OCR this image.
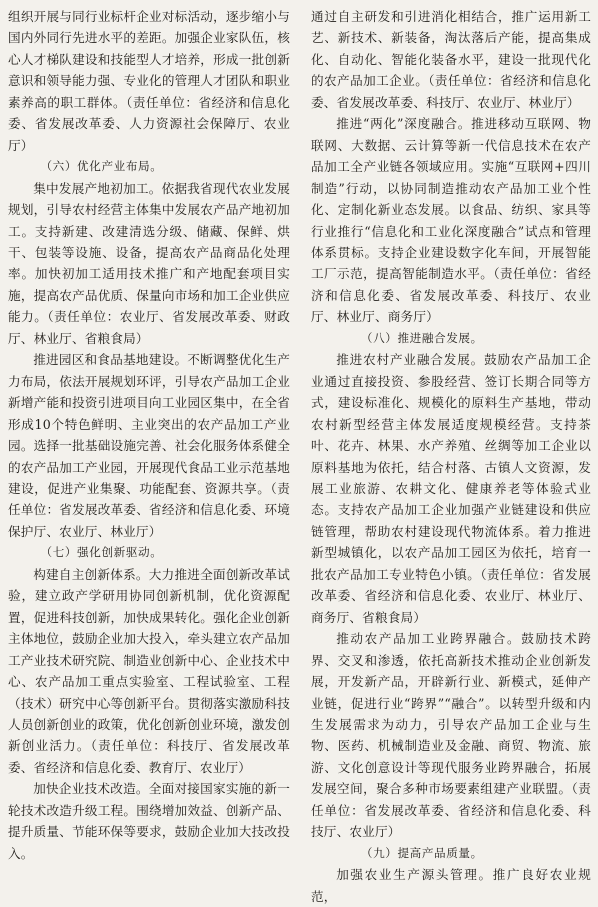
组织开展与同行业标杆企业对标活动，逐步缩小与国内外同行先进水平的差距。加强企业家队伍，核心人才梯队建设和技能型人才培养，形成一批创新意识和领导能力强、专业化的管理人才团队和职业素养高的职工群体。（责任单位：省经济和信息化委、省发展改革委、人力资源社会保障厅、农业厅）

（六）优化产业布局。

集中发展产地初加工。依据我省现代农业发展规划，引导农村经营主体集中发展农产品产地初加工。支持新建、改建清选分级、储藏、保鲜、烘干、包装等设施、设备，提高农产品商品化处理率。加快初加工适用技术推广和产地配套项目实施，提高农产品优质、保量向市场和加工企业供应能力。（责任单位：农业厅、省发展改革委、财政厅、林业厅、省粮食局）

推进园区和食品基地建设。不断调整优化生产力布局，依法开展规划环评，引导农产品加工企业新增产能和投资引进项目向工业园区集中，在全省形成10个特色鲜明、主业突出的农产品加工产业园。选择一批基础设施完善、社会化服务体系健全的农产品加工产业园，开展现代食品工业示范基地建设，促进产业集聚、功能配套、资源共享。（责任单位：省发展改革委、省经济和信息化委、环境保护厅、农业厅、林业厅）

（七）强化创新驱动。

构建自主创新体系。大力推进全面创新改革试验，建立政产学研用协同创新机制，优化资源配置，促进科技创新，加快成果转化。强化企业创新主体地位，鼓励企业加大投入，牵头建立农产品加工产业技术研究院、制造业创新中心、企业技术中心、农产品加工重点实验室、工程试验室、工程（技术）研究中心等创新平台。贯彻落实激励科技人员创新创业的政策，优化创新创业环境，激发创新创业活力。（责任单位：科技厅、省发展改革委、省经济和信息化委、教育厅、农业厅）

加快企业技术改造。全面对接国家实施的新一轮技术改造升级工程。围绕增加效益、创新产品、提升质量、节能环保等要求，鼓励企业加大技改投入。

通过自主研发和引进消化相结合，推广运用新工艺、新技术、新装备，淘汰落后产能，提高集成化、自动化、智能化装备水平，建设一批现代化的农产品加工企业。（责任单位：省经济和信息化委、省发展改革委、科技厅、农业厅、林业厅）

推进“两化”深度融合。推进移动互联网、物联网、大数据、云计算等新一代信息技术在农产品加工全产业链各领域应用。实施“互联网+四川制造”行动，以协同制造推动农产品加工业个性化、定制化新业态发展。以食品、纺织、家具等行业推行“信息化和工业化深度融合”试点和管理体系贯标。支持企业建设数字化车间，开展智能工厂示范，提高智能制造水平。（责任单位：省经济和信息化委、省发展改革委、科技厅、农业厅、林业厅、商务厅）

（八）推进融合发展。

推进农村产业融合发展。鼓励农产品加工企业通过直接投资、参股经营、签订长期合同等方式，建设标准化、规模化的原料生产基地，带动农村新型经营主体发展适度规模经营。支持茶叶、花卉、林果、水产养殖、丝绸等加工企业以原料基地为依托，结合村落、古镇人文资源，发展工业旅游、农耕文化、健康养老等体验式业态。支持农产品加工企业加强产业链建设和供应链管理，帮助农村建设现代物流体系。着力推进新型城镇化，以农产品加工园区为依托，培育一批农产品加工专业特色小镇。（责任单位：省发展改革委、省经济和信息化委、农业厅、林业厅、商务厅、省粮食局）

推动农产品加工业跨界融合。鼓励技术跨界、交叉和渗透，依托高新技术推动企业创新发展，开发新产品，开辟新行业、新模式，延伸产业链，促进行业“跨界”“融合”。以转型升级和内生发展需求为动力，引导农产品加工企业与生物、医药、机械制造业及金融、商贸、物流、旅游、文化创意设计等现代服务业跨界融合，拓展发展空间，聚合多种市场要素组建产业联盟。（责任单位：省发展改革委、省经济和信息化委、科技厅、农业厅）

（九）提高产品质量。

加强农业生产源头管理。推广良好农业规范，
